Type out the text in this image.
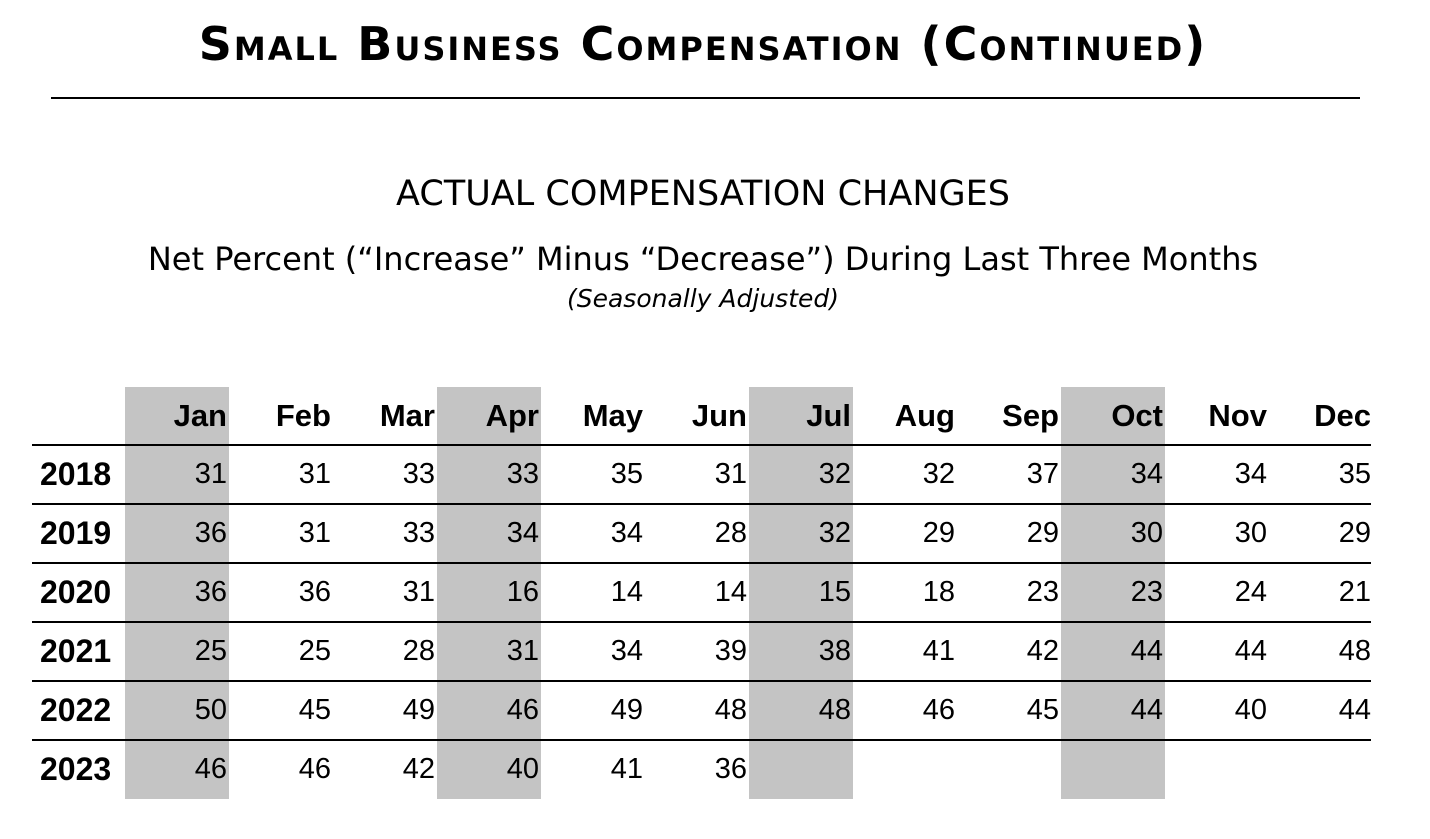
Small Business Compensation (Continued)
ACTUAL COMPENSATION CHANGES
Net Percent (“Increase” Minus “Decrease”) During Last Three Months
(Seasonally Adjusted)
Jan	Feb	Mar	Apr	May	Jun	Jul	Aug	Sep	Oct	Nov	Dec
2018	31	31	33	33	35	31	32	32	37	34	34	35
2019	36	31	33	34	34	28	32	29	29	30	30	29
2020	36	36	31	16	14	14	15	18	23	23	24	21
2021	25	25	28	31	34	39	38	41	42	44	44	48
2022	50	45	49	46	49	48	48	46	45	44	40	44
2023	46	46	42	40	41	36
